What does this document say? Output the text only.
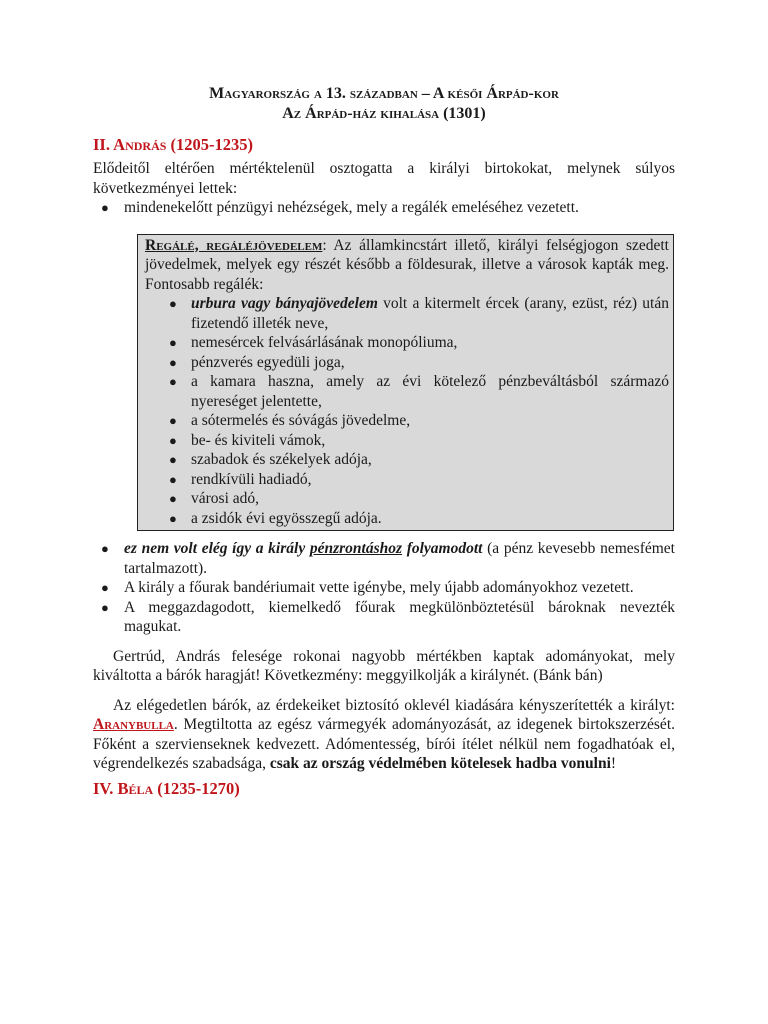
Magyarország a 13. században – A késői Árpád-kor

Az Árpád-ház kihalása (1301)

II. András (1205-1235)

Elődeitől eltérően mértéktelenül osztogatta a királyi birtokokat, melynek súlyos következményei lettek:

● mindenekelőtt pénzügyi nehézségek, mely a regálék emeléséhez vezetett.

Regálé, regáléjövedelem: Az államkincstárt illető, királyi felségjogon szedett jövedelmek, melyek egy részét később a földesurak, illetve a városok kapták meg. Fontosabb regálék:

● urbura vagy bányajövedelem volt a kitermelt ércek (arany, ezüst, réz) után fizetendő illeték neve,
● nemesércek felvásárlásának monopóliuma,
● pénzverés egyedüli joga,
● a kamara haszna, amely az évi kötelező pénzbeváltásból származó nyereséget jelentette,
● a sótermelés és sóvágás jövedelme,
● be- és kiviteli vámok,
● szabadok és székelyek adója,
● rendkívüli hadiadó,
● városi adó,
● a zsidók évi egyösszegű adója.
● ez nem volt elég így a király pénzrontáshoz folyamodott (a pénz kevesebb nemesfémet tartalmazott).
● A király a főurak bandériumait vette igénybe, mely újabb adományokhoz vezetett.
● A meggazdagodott, kiemelkedő főurak megkülönböztetésül bároknak nevezték magukat.

Gertrúd, András felesége rokonai nagyobb mértékben kaptak adományokat, mely kiváltotta a bárók haragját! Következmény: meggyilkolják a királynét. (Bánk bán)

Az elégedetlen bárók, az érdekeiket biztosító oklevél kiadására kényszerítették a királyt: Aranybulla. Megtiltotta az egész vármegyék adományozását, az idegenek birtokszerzését. Főként a szervienseknek kedvezett. Adómentesség, bírói ítélet nélkül nem fogadhatóak el, végrendelkezés szabadsága, csak az ország védelmében kötelesek hadba vonulni!

IV. Béla (1235-1270)
